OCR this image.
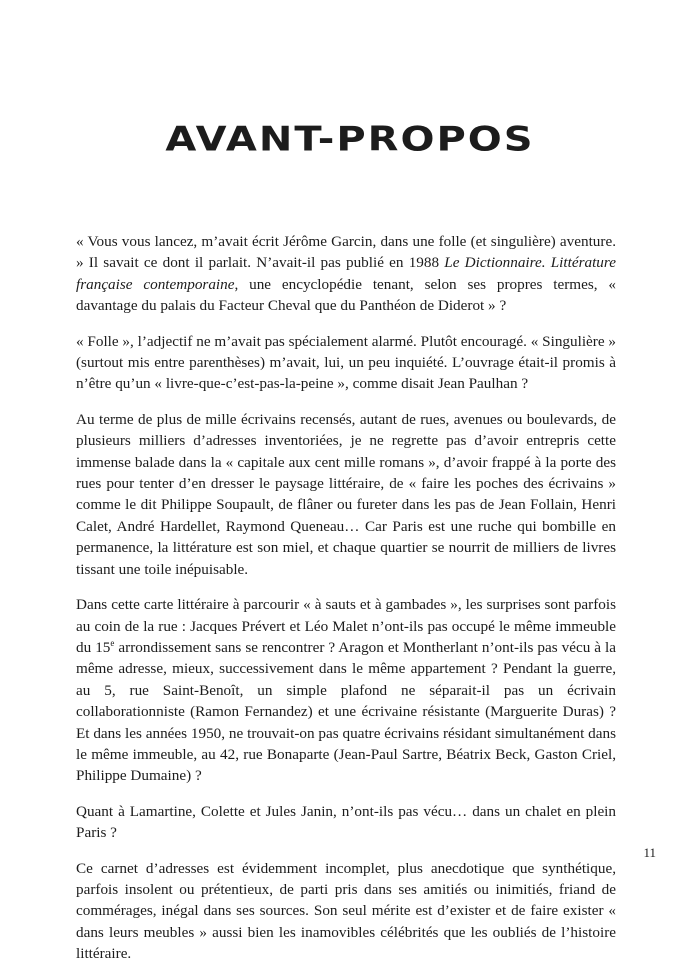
AVANT-PROPOS

« Vous vous lancez, m’avait écrit Jérôme Garcin, dans une folle (et singulière) aventure. » Il savait ce dont il parlait. N’avait-il pas publié en 1988 Le Dictionnaire. Littérature française contemporaine, une encyclopédie tenant, selon ses propres termes, « davantage du palais du Facteur Cheval que du Panthéon de Diderot » ?

« Folle », l’adjectif ne m’avait pas spécialement alarmé. Plutôt encouragé. « Singulière » (surtout mis entre parenthèses) m’avait, lui, un peu inquiété. L’ouvrage était-il promis à n’être qu’un « livre-que-c’est-pas-la-peine », comme disait Jean Paulhan ?

Au terme de plus de mille écrivains recensés, autant de rues, avenues ou boulevards, de plusieurs milliers d’adresses inventoriées, je ne regrette pas d’avoir entrepris cette immense balade dans la « capitale aux cent mille romans », d’avoir frappé à la porte des rues pour tenter d’en dresser le paysage littéraire, de « faire les poches des écrivains » comme le dit Philippe Soupault, de flâner ou fureter dans les pas de Jean Follain, Henri Calet, André Hardellet, Raymond Queneau… Car Paris est une ruche qui bombille en permanence, la littérature est son miel, et chaque quartier se nourrit de milliers de livres tissant une toile inépuisable.

Dans cette carte littéraire à parcourir « à sauts et à gambades », les surprises sont parfois au coin de la rue : Jacques Prévert et Léo Malet n’ont-ils pas occupé le même immeuble du 15e arrondissement sans se rencontrer ? Aragon et Montherlant n’ont-ils pas vécu à la même adresse, mieux, successivement dans le même appartement ? Pendant la guerre, au 5, rue Saint-Benoît, un simple plafond ne séparait-il pas un écrivain collaborationniste (Ramon Fernandez) et une écrivaine résistante (Marguerite Duras) ? Et dans les années 1950, ne trouvait-on pas quatre écrivains résidant simultanément dans le même immeuble, au 42, rue Bonaparte (Jean-Paul Sartre, Béatrix Beck, Gaston Criel, Philippe Dumaine) ?

Quant à Lamartine, Colette et Jules Janin, n’ont-ils pas vécu… dans un chalet en plein Paris ?

Ce carnet d’adresses est évidemment incomplet, plus anecdotique que synthétique, parfois insolent ou prétentieux, de parti pris dans ses amitiés ou inimitiés, friand de commérages, inégal dans ses sources. Son seul mérite est d’exister et de faire exister « dans leurs meubles » aussi bien les inamovibles célébrités que les oubliés de l’histoire littéraire.

11
